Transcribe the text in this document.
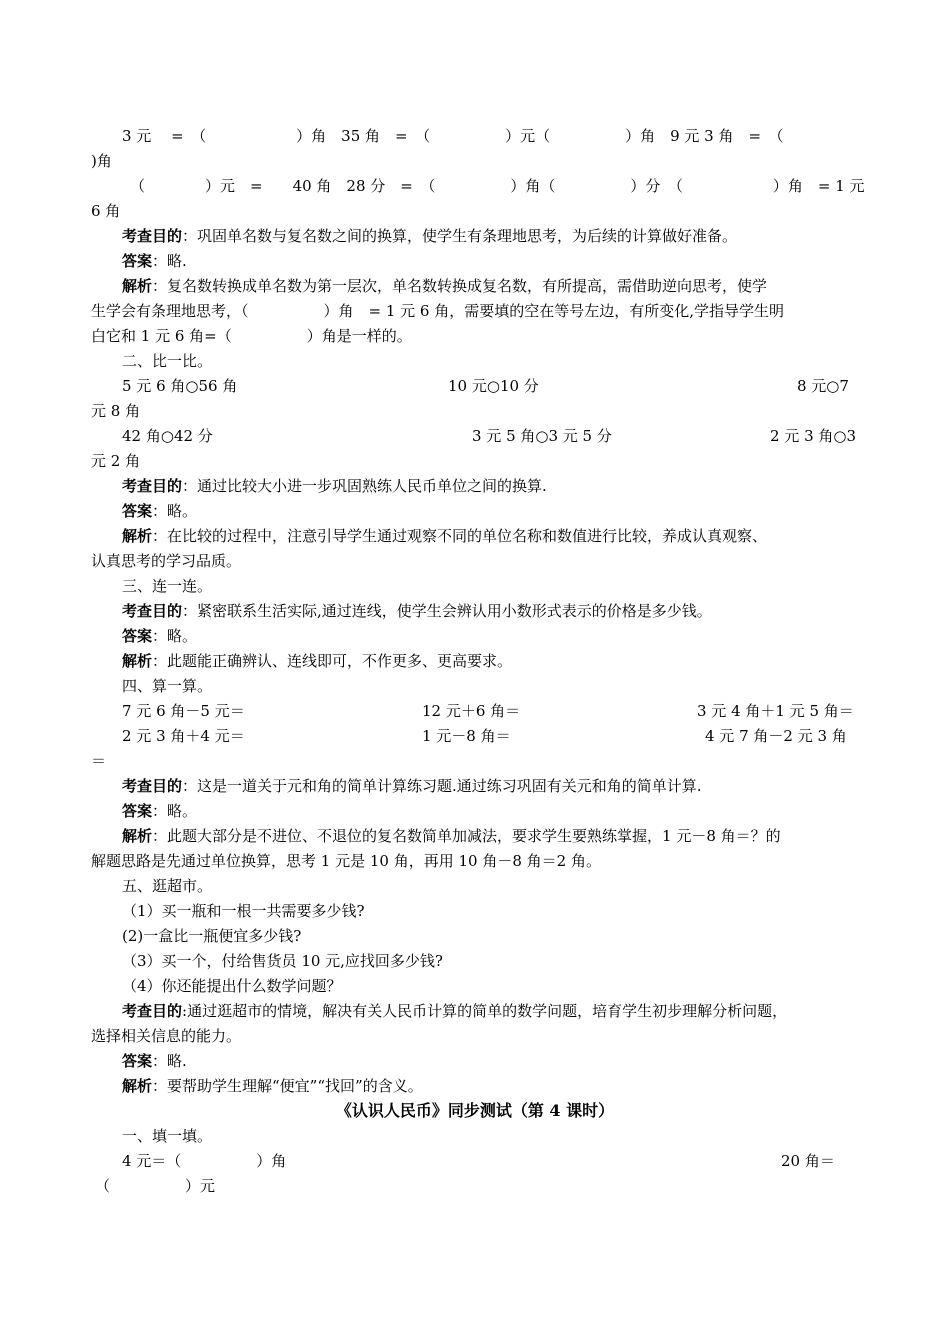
3 元 　=　（　　　　　　）角　35 角　=　（　　　　　）元（　　　　　）角　9 元 3 角　=　（
)角
（　　　　）元　=　　40 角　28 分　=　（　　　　　）角（　　　　　）分　（　　　　　　）角　= 1 元
6 角
考查目的：巩固单名数与复名数之间的换算，使学生有条理地思考，为后续的计算做好准备。
答案：略.
解析：复名数转换成单名数为第一层次，单名数转换成复名数，有所提高，需借助逆向思考，使学
生学会有条理地思考，（　　　　　）角　= 1 元 6 角，需要填的空在等号左边，有所变化,学指导学生明
白它和 1 元 6 角=（　　　　　）角是一样的。
二、比一比。
5 元 6 角○56 角	10 元○10 分	8 元○7
元 8 角
42 角○42 分	3 元 5 角○3 元 5 分	2 元 3 角○3
元 2 角
考查目的：通过比较大小进一步巩固熟练人民币单位之间的换算.
答案：略。
解析：在比较的过程中，注意引导学生通过观察不同的单位名称和数值进行比较，养成认真观察、
认真思考的学习品质。
三、连一连。
考查目的：紧密联系生活实际,通过连线，使学生会辨认用小数形式表示的价格是多少钱。
答案：略。
解析：此题能正确辨认、连线即可，不作更多、更高要求。
四、算一算。
7 元 6 角－5 元＝	12 元＋6 角＝	3 元 4 角＋1 元 5 角＝
2 元 3 角＋4 元＝	1 元－8 角＝	4 元 7 角－2 元 3 角
＝
考查目的：这是一道关于元和角的简单计算练习题.通过练习巩固有关元和角的简单计算.
答案：略。
解析：此题大部分是不进位、不退位的复名数简单加减法，要求学生要熟练掌握，1 元－8 角＝？的
解题思路是先通过单位换算，思考 1 元是 10 角，再用 10 角－8 角＝2 角。
五、逛超市。
（1）买一瓶和一根一共需要多少钱?
(2)一盒比一瓶便宜多少钱?
（3）买一个，付给售货员 10 元,应找回多少钱?
（4）你还能提出什么数学问题？
考查目的:通过逛超市的情境，解决有关人民币计算的简单的数学问题，培育学生初步理解分析问题，
选择相关信息的能力。
答案：略.
解析：要帮助学生理解“便宜”“找回”的含义。
《认识人民币》同步测试（第 4 课时）
一、填一填。
4 元＝（　　　　　）角	20 角＝
（　　　　　）元
